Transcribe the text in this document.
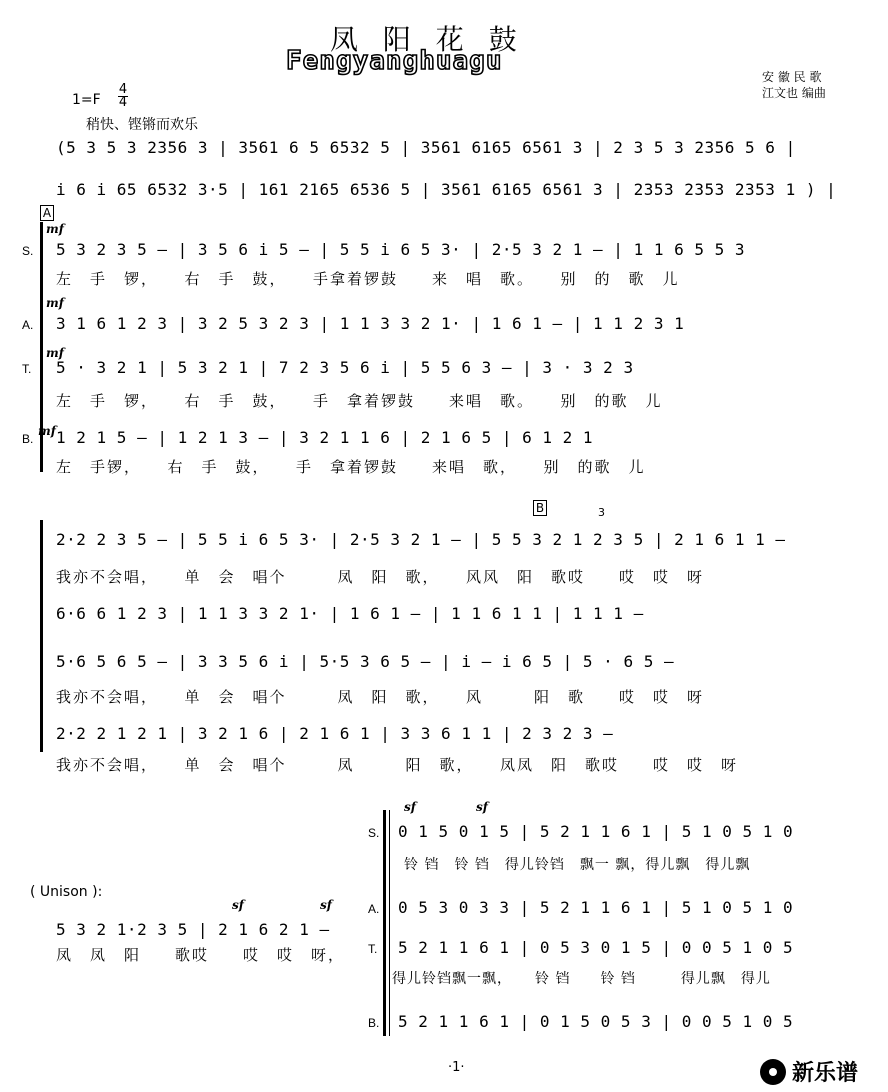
凤 阳 花 鼓
Fengyanghuagu
安 徽 民 歌
江文也 编曲
1=F
4
4
稍快、铿锵而欢乐
(5 3 5 3 2356 3 | 3561 6 5 6532 5 | 3561 6165 6561 3 | 2 3 5 3 2356 5 6 |
i 6 i 65 6532 3·5 | 161 2165 6536 5 | 3561 6165 6561 3 | 2353 2353 2353 1 ) |
A
mf
S. 5 3 2 3 5 — | 3 5 6 i 5 — | 5 5 i 6 5 3· | 2·5 3 2 1 — | 1 1 6 5 5 3
左　手　锣，　　右　手　鼓，　　手拿着锣鼓　　来　唱　歌。　　别　的　歌　儿
mf
A. 3 1 6 1 2 3 | 3 2 5 3 2 3 | 1 1 3 3 2 1· | 1 6 1 — | 1 1 2 3 1
mf
T. 5 · 3 2 1 | 5 3 2 1 | 7 2 3 5 6 i | 5 5 6 3 — | 3 · 3 2 3
左　手　锣，　　右　手　鼓，　　手　拿着锣鼓　　来唱　歌。　　别　的歌　儿
mf
B. 1 2 1 5 — | 1 2 1 3 — | 3 2 1 1 6 | 2 1 6 5 | 6 1 2 1
左　手锣，　　右　手　鼓，　　手　拿着锣鼓　　来唱　歌，　　别　的歌　儿
B	3
2·2 2 3 5 — | 5 5 i 6 5 3· | 2·5 3 2 1 — | 5 5 3 2 1 2 3 5 | 2 1 6 1 1 —
我亦不会唱，　　单　会　唱个　　　凤　阳　歌，　　风风　阳　歌哎　　哎　哎　呀
6·6 6 1 2 3 | 1 1 3 3 2 1· | 1 6 1 — | 1 1 6 1 1 | 1 1 1 —
5·6 5 6 5 — | 3 3 5 6 i | 5·5 3 6 5 — | i — i 6 5 | 5 · 6 5 —
我亦不会唱，　　单　会　唱个　　　凤　阳　歌，　　风　　　阳　歌　　哎　哎　呀
2·2 2 1 2 1 | 3 2 1 6 | 2 1 6 1 | 3 3 6 1 1 | 2 3 2 3 —
我亦不会唱，　　单　会　唱个　　　凤　　　阳　歌，　　凤凤　阳　歌哎　　哎　哎　呀
( Unison ):
sf	sf
5 3 2 1·2 3 5 | 2 1 6 2 1 —
凤　凤　阳　　歌哎　　哎　哎　呀，
sf	sf
S. 0 1 5 0 1 5 | 5 2 1 1 6 1 | 5 1 0 5 1 0
铃 铛　铃 铛　得儿铃铛　飘一 飘，得儿飘　得儿飘
A. 0 5 3 0 3 3 | 5 2 1 1 6 1 | 5 1 0 5 1 0
T. 5 2 1 1 6 1 | 0 5 3 0 1 5 | 0 0 5 1 0 5
得儿铃铛飘一飘，　　铃 铛　　铃 铛　　　得儿飘　得儿
B. 5 2 1 1 6 1 | 0 1 5 0 5 3 | 0 0 5 1 0 5
·1·	新乐谱
